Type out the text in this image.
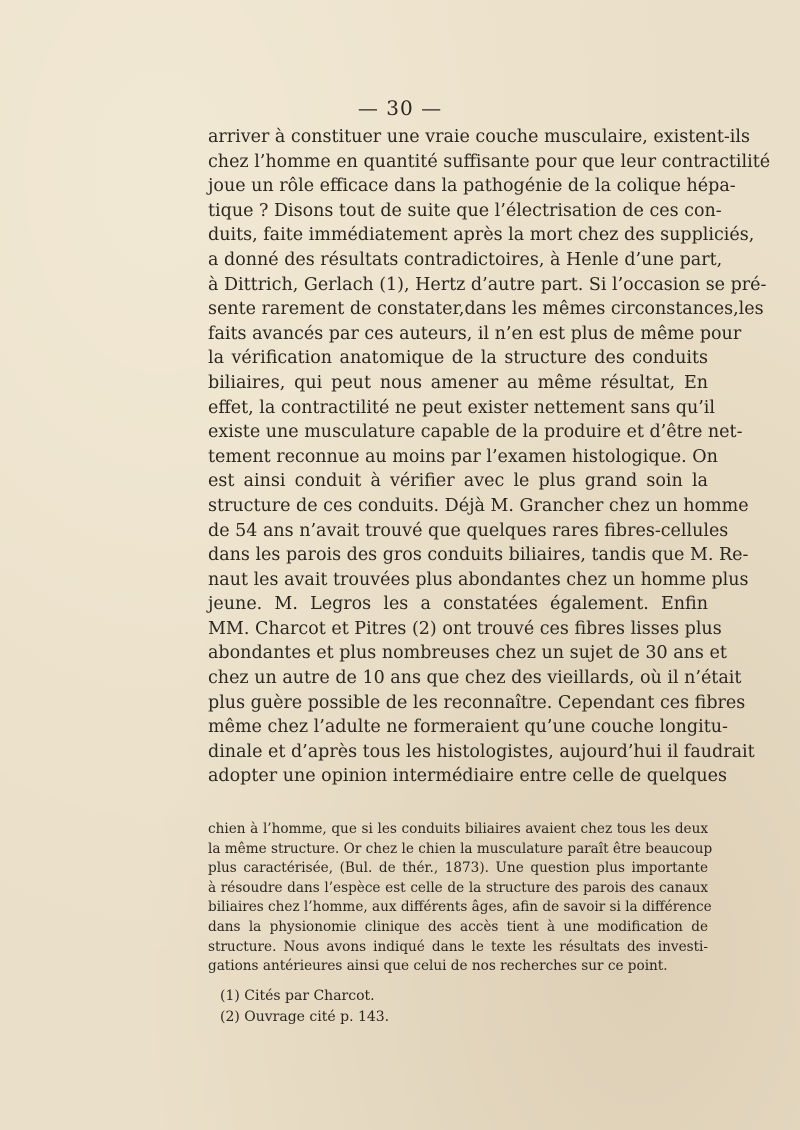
— 30 —
arriver à constituer une vraie couche musculaire, existent-ils
chez l’homme en quantité suffisante pour que leur contractilité
joue un rôle efficace dans la pathogénie de la colique hépa-
tique ? Disons tout de suite que l’électrisation de ces con-
duits, faite immédiatement après la mort chez des suppliciés,
a donné des résultats contradictoires, à Henle d’une part,
à Dittrich, Gerlach (1), Hertz d’autre part. Si l’occasion se pré-
sente rarement de constater,dans les mêmes circonstances,les
faits avancés par ces auteurs, il n’en est plus de même pour
la vérification anatomique de la structure des conduits
biliaires, qui peut nous amener au même résultat, En
effet, la contractilité ne peut exister nettement sans qu’il
existe une musculature capable de la produire et d’être net-
tement reconnue au moins par l’examen histologique. On
est ainsi conduit à vérifier avec le plus grand soin la
structure de ces conduits. Déjà M. Grancher chez un homme
de 54 ans n’avait trouvé que quelques rares fibres-cellules
dans les parois des gros conduits biliaires, tandis que M. Re-
naut les avait trouvées plus abondantes chez un homme plus
jeune. M. Legros les a constatées également. Enfin
MM. Charcot et Pitres (2) ont trouvé ces fibres lisses plus
abondantes et plus nombreuses chez un sujet de 30 ans et
chez un autre de 10 ans que chez des vieillards, où il n’était
plus guère possible de les reconnaître. Cependant ces fibres
même chez l’adulte ne formeraient qu’une couche longitu-
dinale et d’après tous les histologistes, aujourd’hui il faudrait
adopter une opinion intermédiaire entre celle de quelques
chien à l’homme, que si les conduits biliaires avaient chez tous les deux
la même structure. Or chez le chien la musculature paraît être beaucoup
plus caractérisée, (Bul. de thér., 1873). Une question plus importante
à résoudre dans l’espèce est celle de la structure des parois des canaux
biliaires chez l’homme, aux différents âges, afin de savoir si la différence
dans la physionomie clinique des accès tient à une modification de
structure. Nous avons indiqué dans le texte les résultats des investi-
gations antérieures ainsi que celui de nos recherches sur ce point.
(1) Cités par Charcot.
(2) Ouvrage cité p. 143.
